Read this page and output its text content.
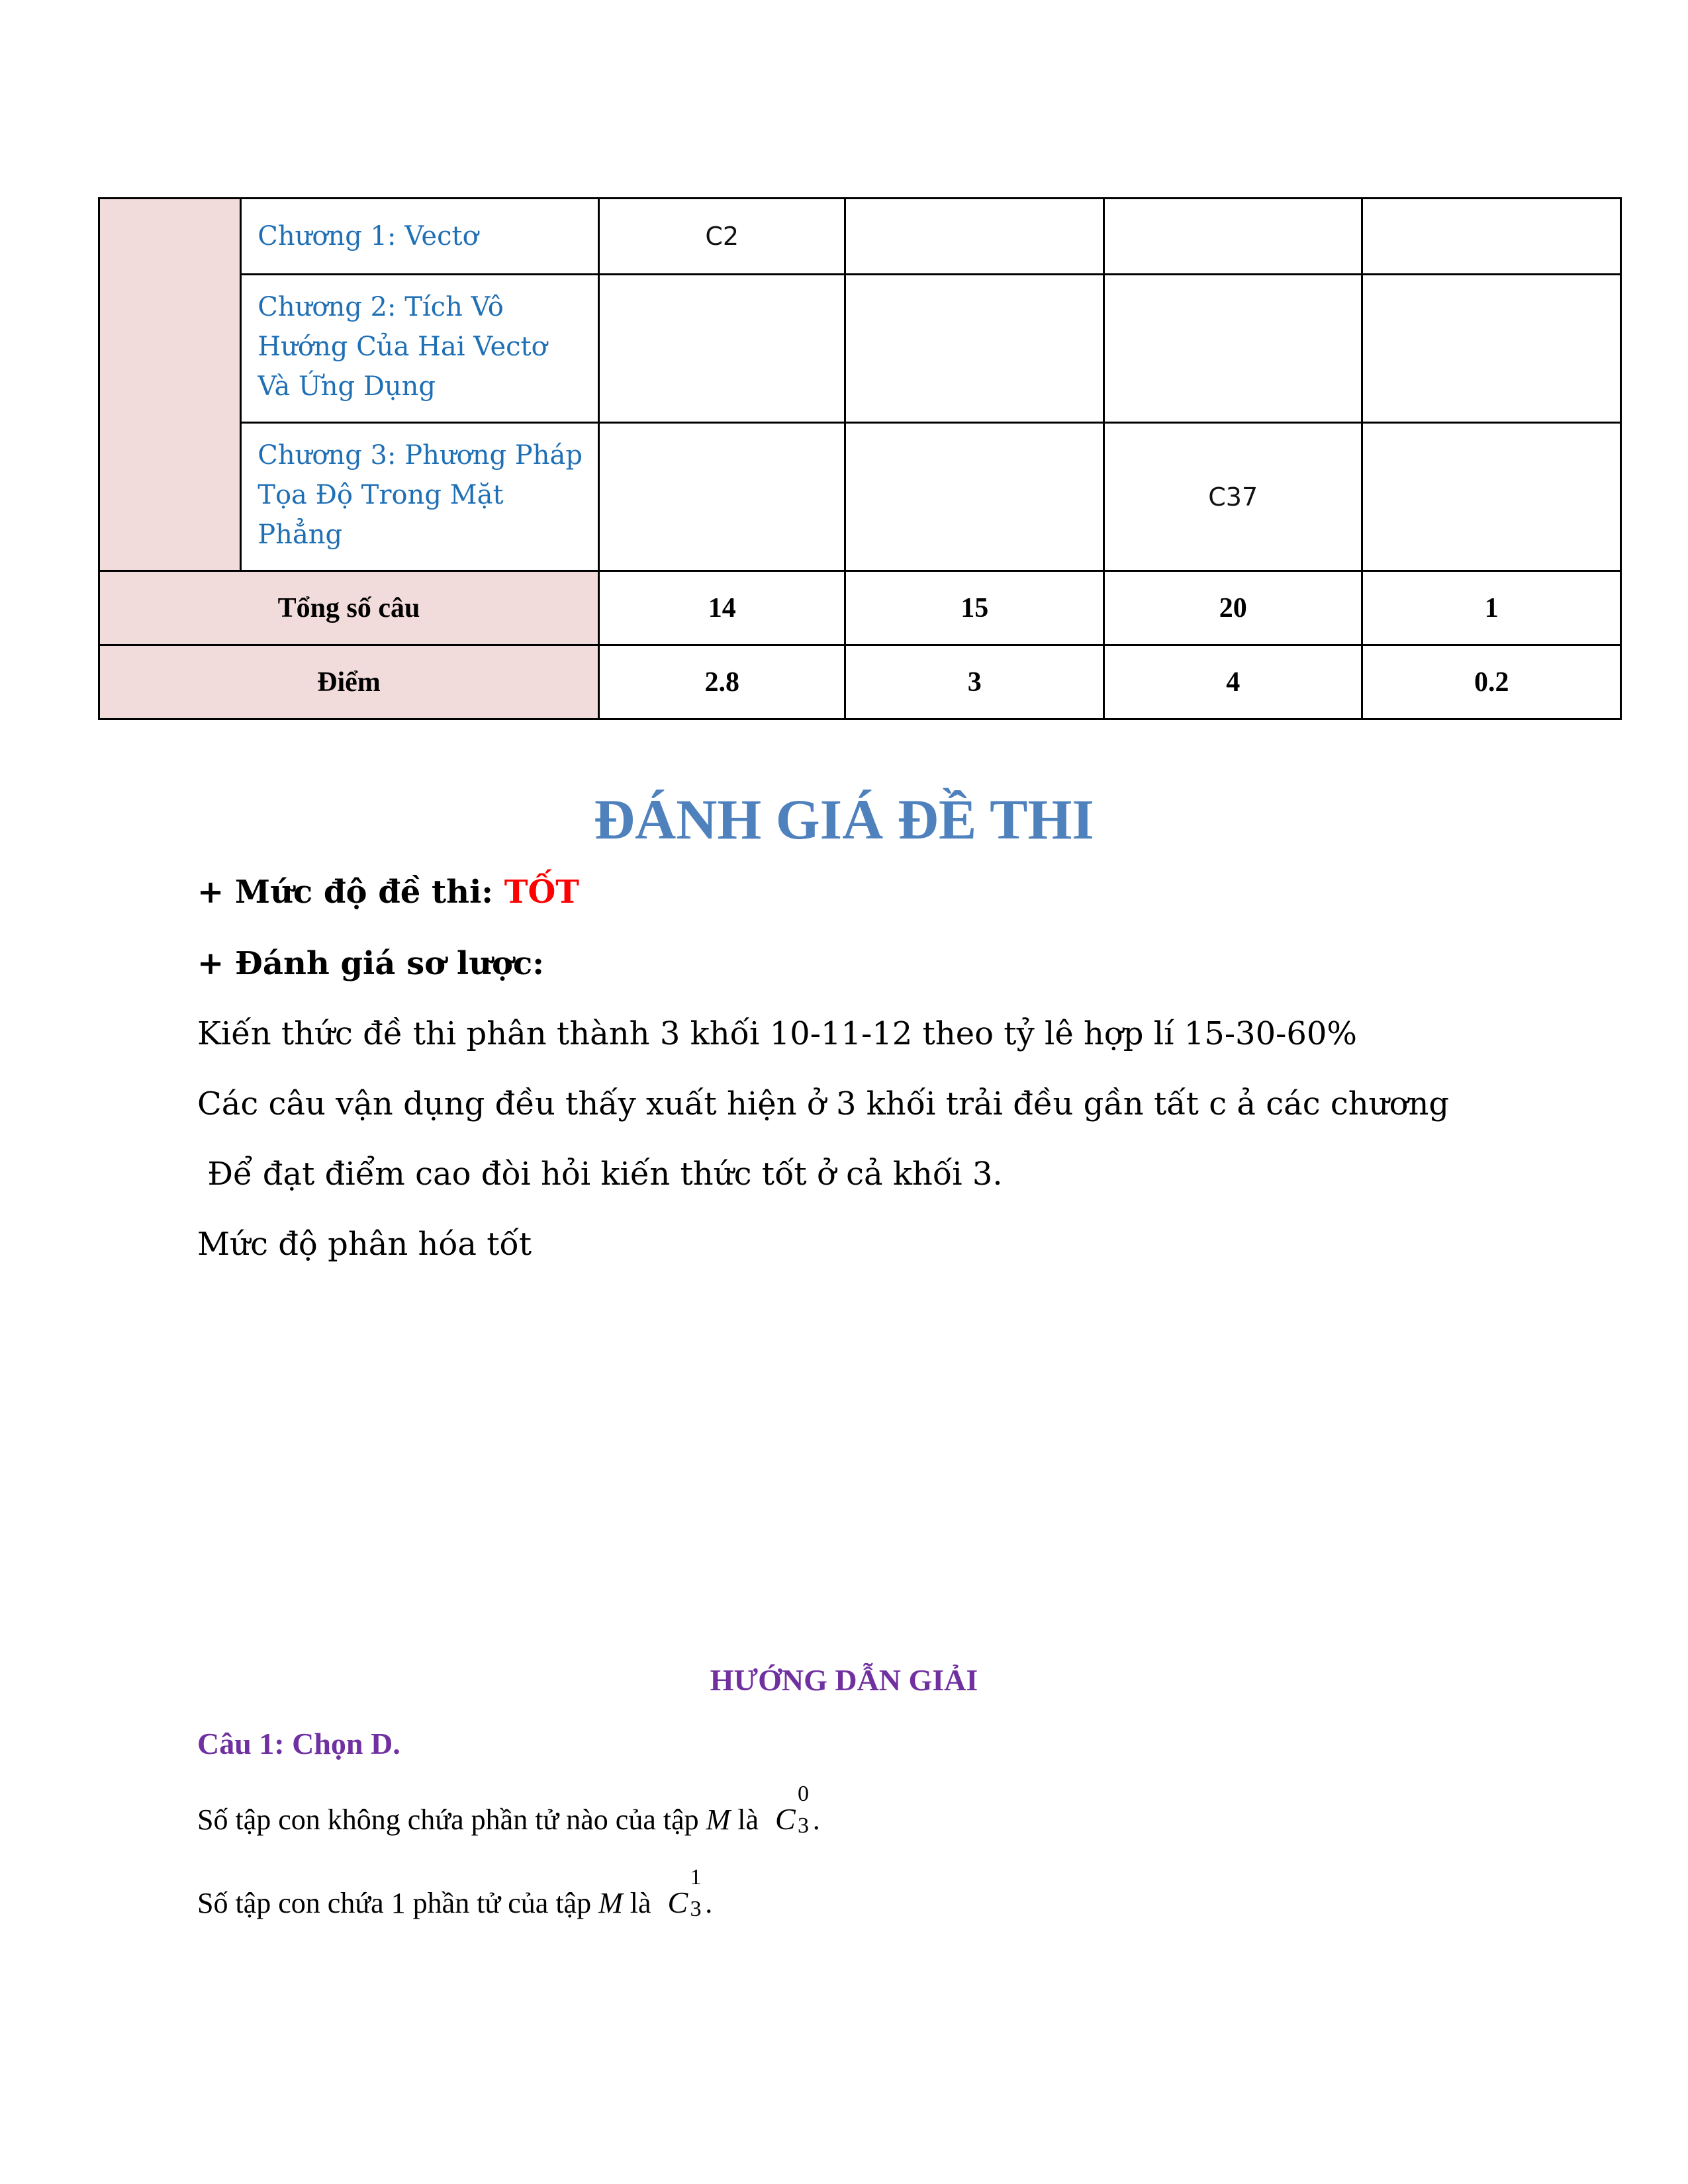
	Chương 1: Vectơ	C2			
	Chương 2: Tích Vô Hướng Của Hai Vectơ Và Ứng Dụng				
	Chương 3: Phương Pháp Tọa Độ Trong Mặt Phẳng			C37	
Tổng số câu		14	15	20	1
Điểm		2.8	3	4	0.2
ĐÁNH GIÁ ĐỀ THI

+ Mức độ đề thi: TỐT

+ Đánh giá sơ lược:

Kiến thức đề thi phân thành 3 khối 10-11-12 theo tỷ lê hợp lí 15-30-60%

Các câu vận dụng đều thấy xuất hiện ở 3 khối trải đều gần tất c ả các chương

Để đạt điểm cao đòi hỏi kiến thức tốt ở cả khối 3.

Mức độ phân hóa tốt

HƯỚNG DẪN GIẢI
Câu 1: Chọn D.

Số tập con không chứa phần tử nào của tập M là C
0
3 .

Số tập con chứa 1 phần tử của tập M là C
1
3 .
